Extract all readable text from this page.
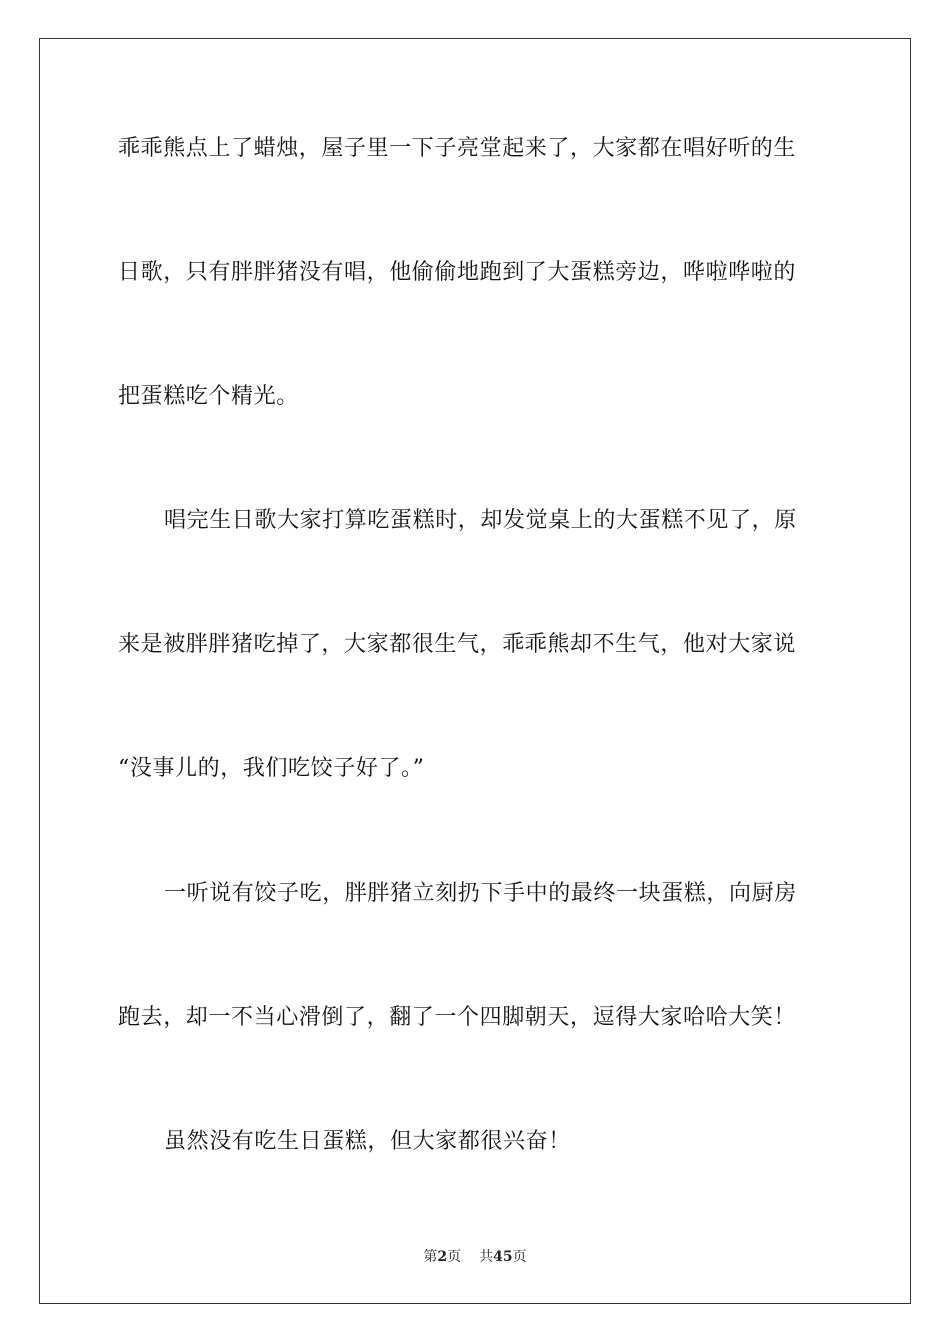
乖乖熊点上了蜡烛，屋子里一下子亮堂起来了，大家都在唱好听的生
日歌，只有胖胖猪没有唱，他偷偷地跑到了大蛋糕旁边，哗啦哗啦的
把蛋糕吃个精光。
唱完生日歌大家打算吃蛋糕时，却发觉桌上的大蛋糕不见了，原
来是被胖胖猪吃掉了，大家都很生气，乖乖熊却不生气，他对大家说
“没事儿的，我们吃饺子好了。”
一听说有饺子吃，胖胖猪立刻扔下手中的最终一块蛋糕，向厨房
跑去，却一不当心滑倒了，翻了一个四脚朝天，逗得大家哈哈大笑！
虽然没有吃生日蛋糕，但大家都很兴奋！
第2页 共45页
